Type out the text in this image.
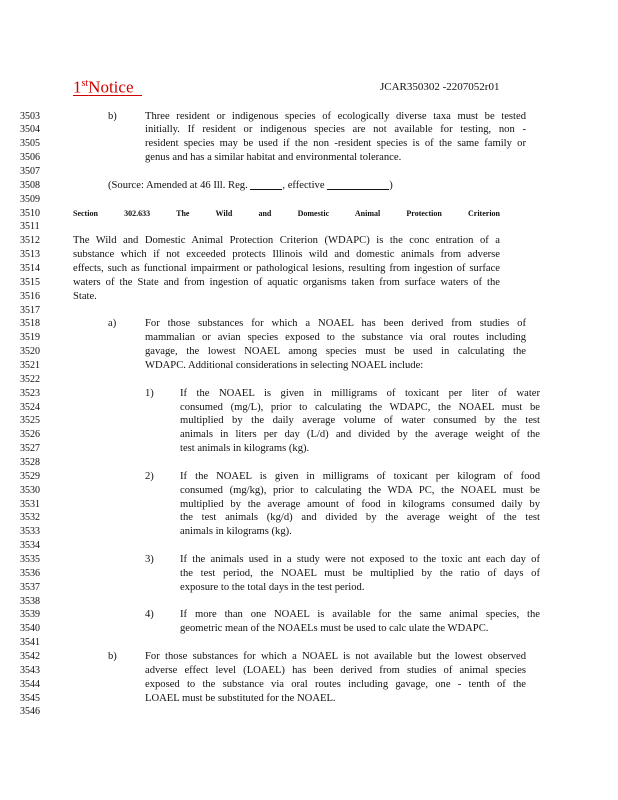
1stNotice	JCAR350302 -2207052r01
3503	b)	Three resident or indigenous species of ecologically diverse taxa must be tested
3504	initially. If resident or indigenous species are not available for testing, non -
3505	resident species may be used if the non -resident species is of the same family or
3506	genus and has a similar habitat and environmental tolerance.
3507
3508	(Source: Amended at 46 Ill. Reg.	, effective	)
3509
3510	Section 302.633 The Wild and Domestic Animal Protection Criterion
3511
3512	The Wild and Domestic Animal Protection Criterion (WDAPC) is the conc entration of a
3513	substance which if not exceeded protects Illinois wild and domestic animals from adverse
3514	effects, such as functional impairment or pathological lesions, resulting from ingestion of surface
3515	waters of the State and from ingestion of aquatic organisms taken from surface waters of the
3516	State.
3517
3518	a)	For those substances for which a NOAEL has been derived from studies of
3519	mammalian or avian species exposed to the substance via oral routes including
3520	gavage, the lowest NOAEL among species must be used in calculating the
3521	WDAPC. Additional considerations in selecting NOAEL include:
3522
3523	1) If the NOAEL is given in milligrams of toxicant per liter of water
3524	consumed (mg/L), prior to calculating the WDAPC, the NOAEL must be
3525	multiplied by the daily average volume of water consumed by the test
3526	animals in liters per day (L/d) and divided by the average weight of the
3527	test animals in kilograms (kg).
3528
3529	2) If the NOAEL is given in milligrams of toxicant per kilogram of food
3530	consumed (mg/kg), prior to calculating the WDA PC, the NOAEL must be
3531	multiplied by the average amount of food in kilograms consumed daily by
3532	the test animals (kg/d) and divided by the average weight of the test
3533	animals in kilograms (kg).
3534
3535	3) If the animals used in a study were not exposed to the toxic ant each day of
3536	the test period, the NOAEL must be multiplied by the ratio of days of
3537	exposure to the total days in the test period.
3538
3539	4) If more than one NOAEL is available for the same animal species, the
3540	geometric mean of the NOAELs must be used to calc ulate the WDAPC.
3541
3542	b)	For those substances for which a NOAEL is not available but the lowest observed
3543	adverse effect level (LOAEL) has been derived from studies of animal species
3544	exposed to the substance via oral routes including gavage, one - tenth of the
3545	LOAEL must be substituted for the NOAEL.
3546
